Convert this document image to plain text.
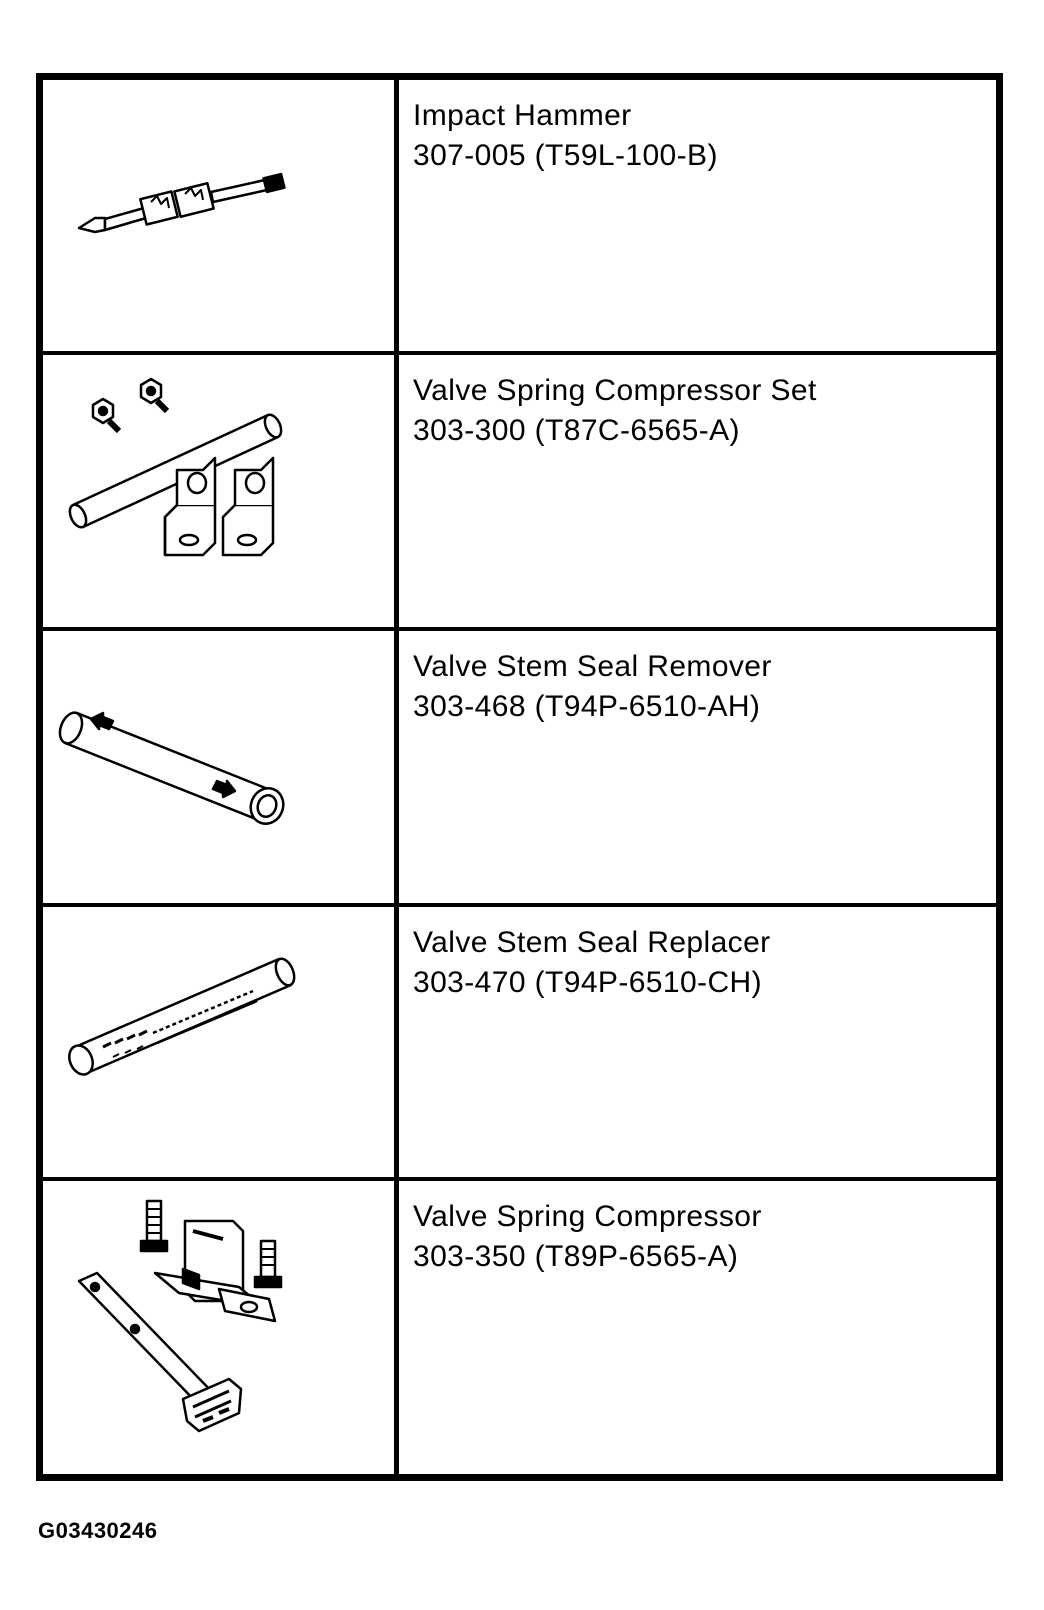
Impact Hammer
307-005 (T59L-100-B)
Valve Spring Compressor Set
303-300 (T87C-6565-A)
Valve Stem Seal Remover
303-468 (T94P-6510-AH)
Valve Stem Seal Replacer
303-470 (T94P-6510-CH)
Valve Spring Compressor
303-350 (T89P-6565-A)
G03430246
